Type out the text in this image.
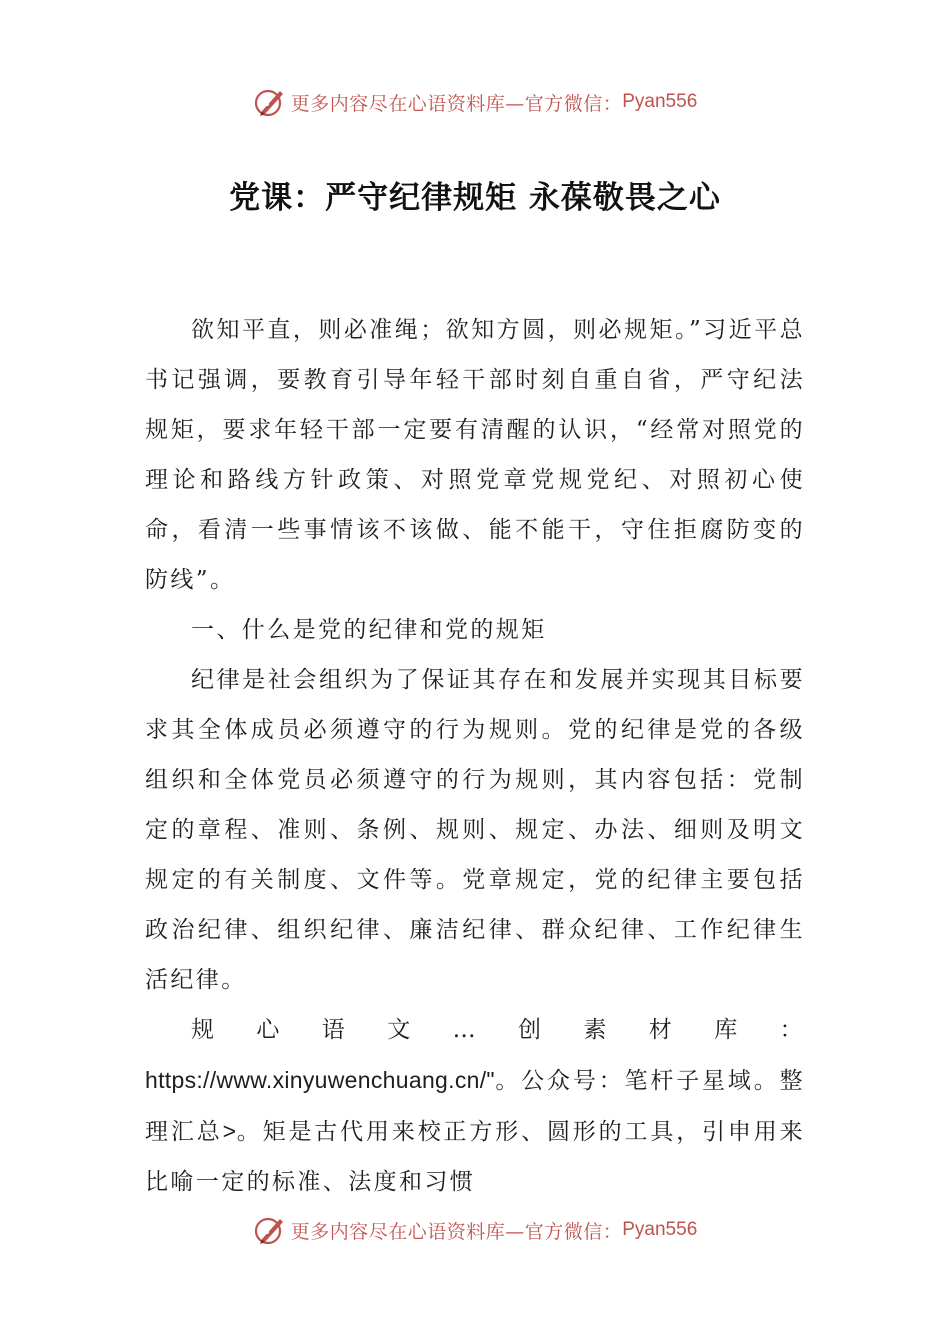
更多内容尽在心语资料库—官方微信： Pyan556
党课：严守纪律规矩 永葆敬畏之心

欲知平直，则必准绳；欲知方圆，则必规矩。”习近平总书记强调，要教育引导年轻干部时刻自重自省，严守纪法规矩，要求年轻干部一定要有清醒的认识，“经常对照党的理论和路线方针政策、对照党章党规党纪、对照初心使命，看清一些事情该不该做、能不能干，守住拒腐防变的防线”。

一、什么是党的纪律和党的规矩

纪律是社会组织为了保证其存在和发展并实现其目标要求其全体成员必须遵守的行为规则。党的纪律是党的各级组织和全体党员必须遵守的行为规则，其内容包括：党制定的章程、准则、条例、规则、规定、办法、细则及明文规定的有关制度、文件等。党章规定，党的纪律主要包括政治纪律、组织纪律、廉洁纪律、群众纪律、工作纪律生活纪律。

规心语文…创素材库：https://www.xinyuwenchuang.cn/"。公众号：笔杆子星域。整理汇总>。矩是古代用来校正方形、圆形的工具，引申用来比喻一定的标准、法度和习惯

更多内容尽在心语资料库—官方微信： Pyan556
